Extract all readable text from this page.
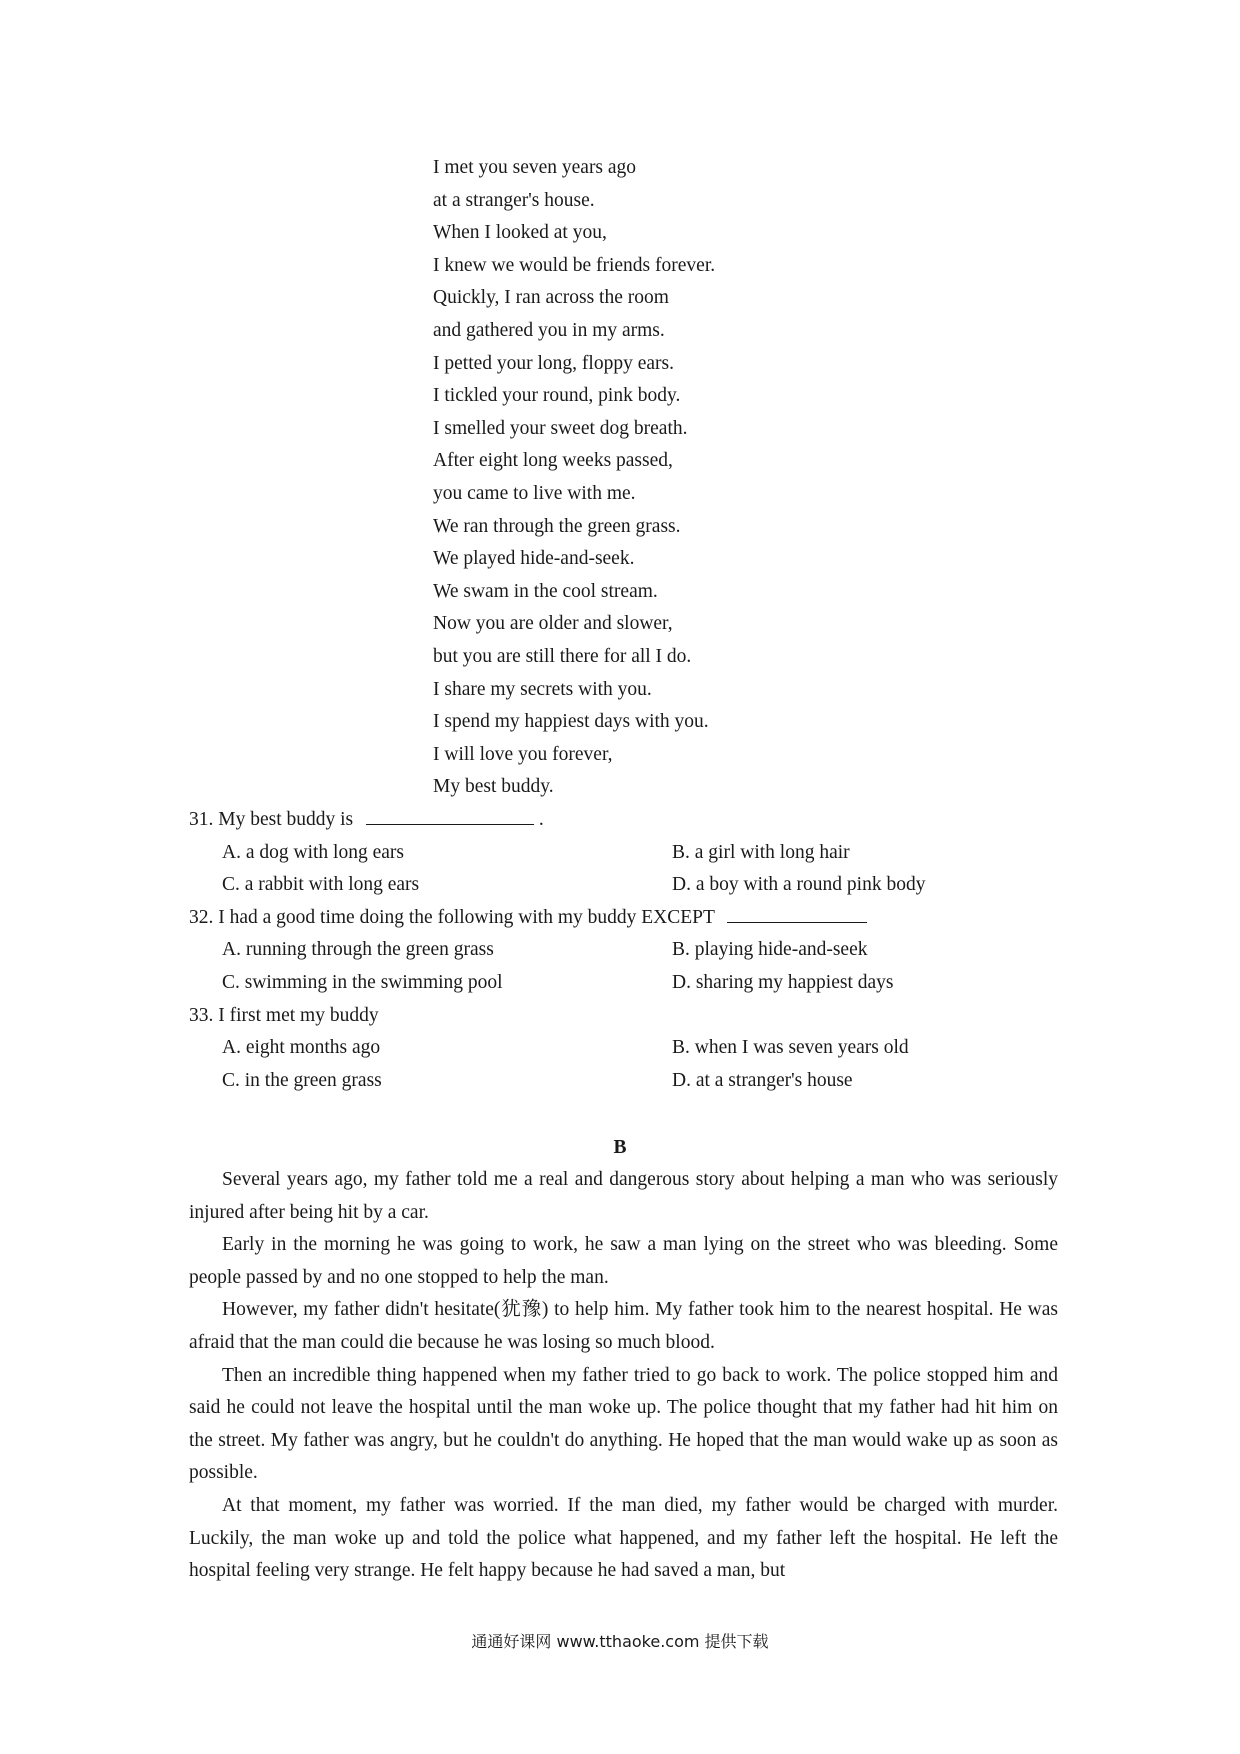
I met you seven years ago
at a stranger's house.
When I looked at you,
I knew we would be friends forever.
Quickly, I ran across the room
and gathered you in my arms.
I petted your long, floppy ears.
I tickled your round, pink body.
I smelled your sweet dog breath.
After eight long weeks passed,
you came to live with me.
We ran through the green grass.
We played hide-and-seek.
We swam in the cool stream.
Now you are older and slower,
but you are still there for all I do.
I share my secrets with you.
I spend my happiest days with you.
I will love you forever,
My best buddy.
31. My best buddy is	.
A. a dog with long ears	B. a girl with long hair
C. a rabbit with long ears	D. a boy with a round pink body
32. I had a good time doing the following with my buddy EXCEPT
A. running through the green grass	B. playing hide-and-seek
C. swimming in the swimming pool	D. sharing my happiest days
33. I first met my buddy
A. eight months ago	B. when I was seven years old
C. in the green grass	D. at a stranger's house
B

Several years ago, my father told me a real and dangerous story about helping a man who was seriously injured after being hit by a car.

Early in the morning he was going to work, he saw a man lying on the street who was bleeding. Some people passed by and no one stopped to help the man.

However, my father didn't hesitate(犹豫) to help him. My father took him to the nearest hospital. He was afraid that the man could die because he was losing so much blood.

Then an incredible thing happened when my father tried to go back to work. The police stopped him and said he could not leave the hospital until the man woke up. The police thought that my father had hit him on the street. My father was angry, but he couldn't do anything. He hoped that the man would wake up as soon as possible.

At that moment, my father was worried. If the man died, my father would be charged with murder. Luckily, the man woke up and told the police what happened, and my father left the hospital. He left the hospital feeling very strange. He felt happy because he had saved a man, but

通通好课网 www.tthaoke.com 提供下载
